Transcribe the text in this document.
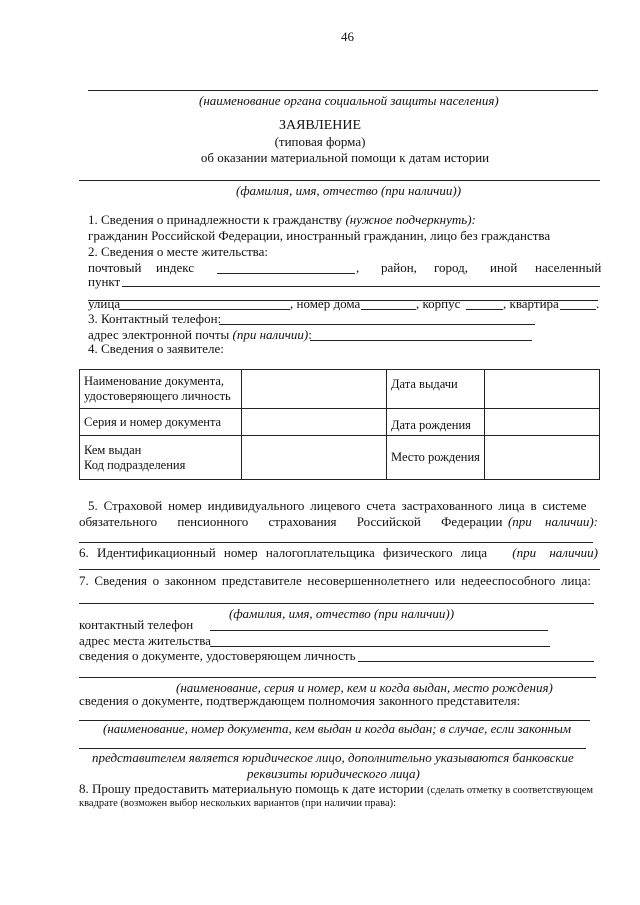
46
(наименование органа социальной защиты населения)
ЗАЯВЛЕНИЕ
(типовая форма)
об оказании материальной помощи к датам истории
(фамилия, имя, отчество (при наличии))
1. Сведения о принадлежности к гражданству (нужное подчеркнуть):
гражданин Российской Федерации, иностранный гражданин, лицо без гражданства
2. Сведения о месте жительства:
почтовый индекс	, район, город, иной населенный
пункт
улица	, номер дома	, корпус	, квартира	.
3. Контактный телефон:
адрес электронной почты (при наличии):
4. Сведения о заявителе:
Наименование документа, удостоверяющего личность		Дата выдачи	
Серия и номер документа		Дата рождения	

Кем выдан
Код подразделения		Место рождения	
5. Страховой номер индивидуального лицевого счета застрахованного лица в системе
обязательного пенсионного страхования Российской Федерации (при наличии):
6. Идентификационный номер налогоплательщика физического лица (при наличии)
7. Сведения о законном представителе несовершеннолетнего или недееспособного лица:
(фамилия, имя, отчество (при наличии))
контактный телефон
адрес места жительства
сведения о документе, удостоверяющем личность
(наименование, серия и номер, кем и когда выдан, место рождения)
сведения о документе, подтверждающем полномочия законного представителя:
(наименование, номер документа, кем выдан и когда выдан; в случае, если законным
представителем является юридическое лицо, дополнительно указываются банковские
реквизиты юридического лица)
8. Прошу предоставить материальную помощь к дате истории (сделать отметку в соответствующем
квадрате (возможен выбор нескольких вариантов (при наличии права):
